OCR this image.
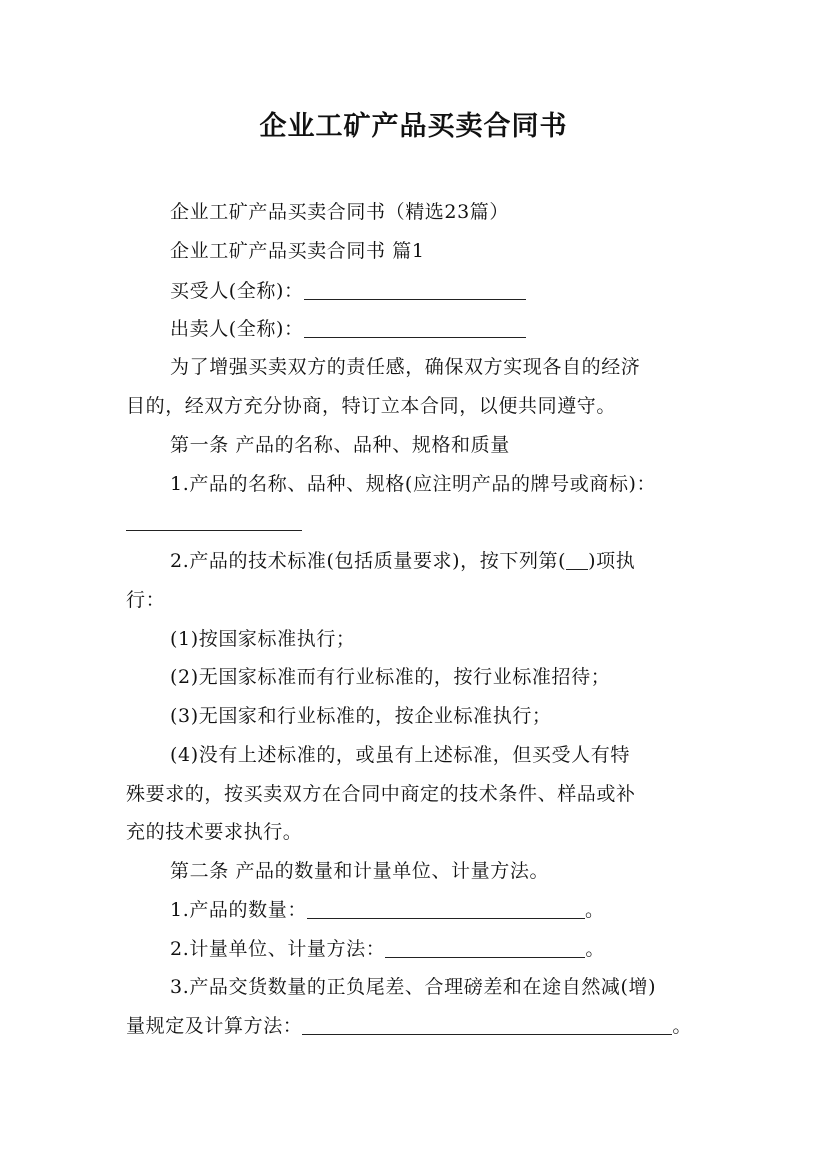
企业工矿产品买卖合同书
企业工矿产品买卖合同书（精选23篇）
企业工矿产品买卖合同书 篇1
买受人(全称)：
出卖人(全称)：
为了增强买卖双方的责任感，确保双方实现各自的经济
目的，经双方充分协商，特订立本合同，以便共同遵守。
第一条 产品的名称、品种、规格和质量
1.产品的名称、品种、规格(应注明产品的牌号或商标)：
2.产品的技术标准(包括质量要求)，按下列第( )项执
行：
(1)按国家标准执行；
(2)无国家标准而有行业标准的，按行业标准招待；
(3)无国家和行业标准的，按企业标准执行；
(4)没有上述标准的，或虽有上述标准，但买受人有特
殊要求的，按买卖双方在合同中商定的技术条件、样品或补
充的技术要求执行。
第二条 产品的数量和计量单位、计量方法。
1.产品的数量：	。
2.计量单位、计量方法：	。
3.产品交货数量的正负尾差、合理磅差和在途自然减(增)
量规定及计算方法：	。
